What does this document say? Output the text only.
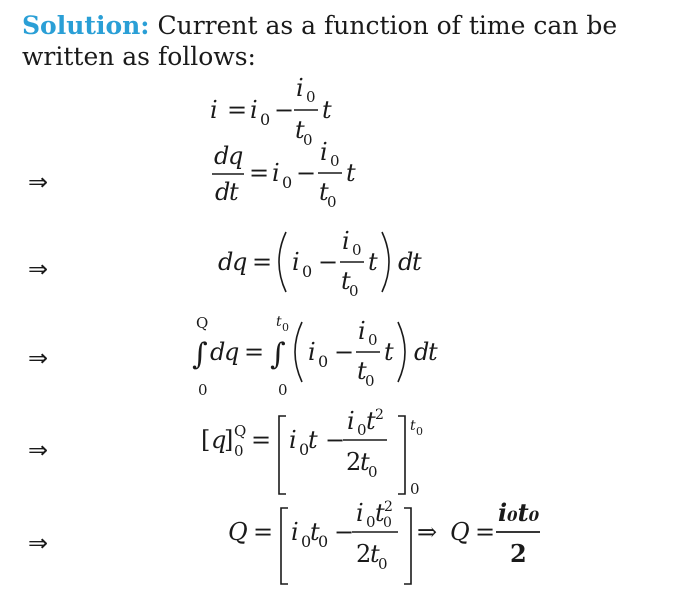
Solution: Current as a function of time can be written as follows:
⇒
⇒
⇒
⇒
⇒
i = i 0 −
i 0
t
0
t
d
q
d
t
= i 0 −
i 0
t
0
t
d
q = i 0 −
i 0
t
0
t d
t
Q
∫
0
d
q =
t 0
∫
0
i 0 −
i 0
t
0
t d
t
[ q
] Q
0 = i 0
t −
i 0 t 2
2
t
0
t 0
0
Q = i 0
t
0 −
i 0 t
0
2
2
t
0
⇒ Q =
i₀t₀
2
